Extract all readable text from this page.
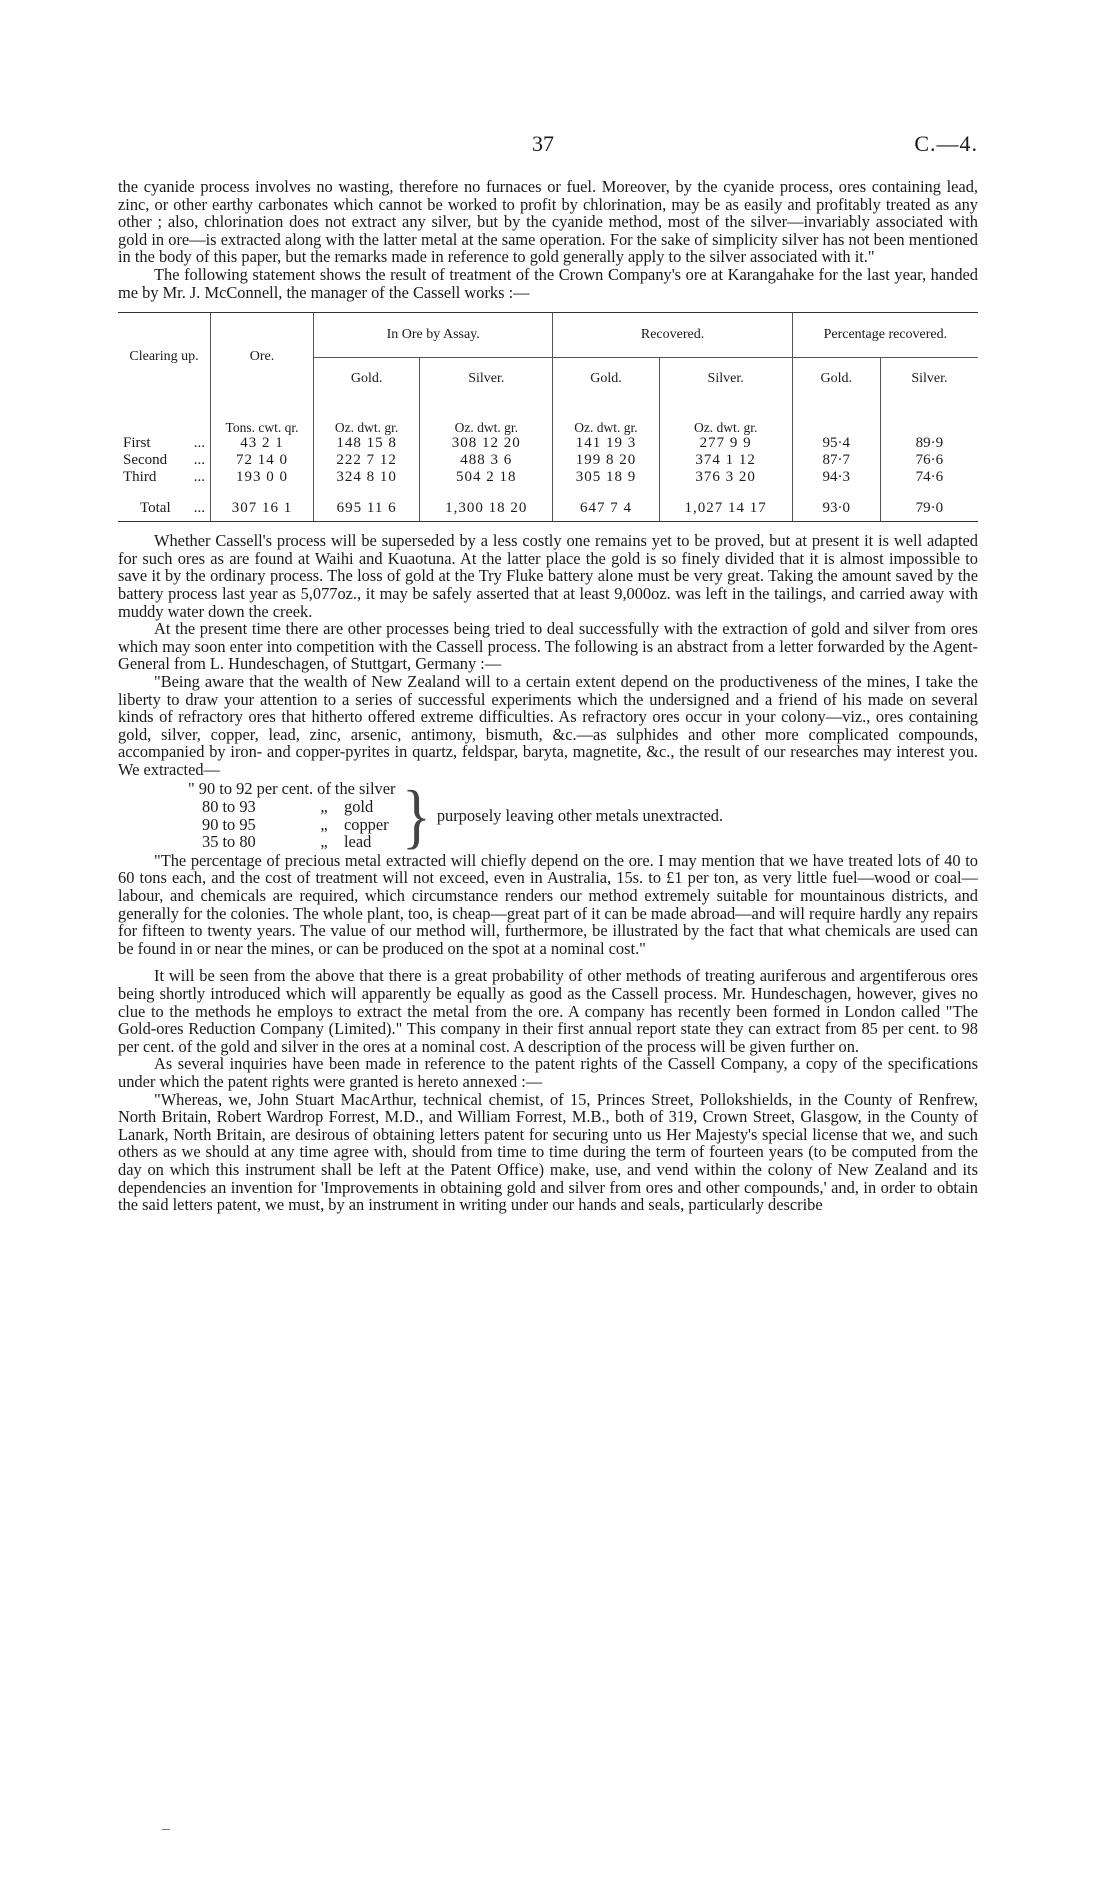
37	C.—4.

the cyanide process involves no wasting, therefore no furnaces or fuel. Moreover, by the cyanide process, ores containing lead, zinc, or other earthy carbonates which cannot be worked to profit by chlorination, may be as easily and profitably treated as any other ; also, chlorination does not extract any silver, but by the cyanide method, most of the silver—invariably associated with gold in ore—is extracted along with the latter metal at the same operation. For the sake of simplicity silver has not been mentioned in the body of this paper, but the remarks made in reference to gold generally apply to the silver associated with it."

The following statement shows the result of treatment of the Crown Company's ore at Karangahake for the last year, handed me by Mr. J. McConnell, the manager of the Cassell works :—

Clearing up.	Ore.	In Ore by Assay.		Recovered.		Percentage recovered.	
		Gold.	Silver.	Gold.	Silver.	Gold.	Silver.
	Tons. cwt. qr.	Oz. dwt. gr.	Oz. dwt. gr.	Oz. dwt. gr.	Oz. dwt. gr.		
First ...	43 2 1	148 15 8	308 12 20	141 19 3	277 9 9	95·4	89·9
Second ...	72 14 0	222 7 12	488 3 6	199 8 20	374 1 12	87·7	76·6
Third ...	193 0 0	324 8 10	504 2 18	305 18 9	376 3 20	94·3	74·6
Total ...	307 16 1	695 11 6	1,300 18 20	647 7 4	1,027 14 17	93·0	79·0

Whether Cassell's process will be superseded by a less costly one remains yet to be proved, but at present it is well adapted for such ores as are found at Waihi and Kuaotuna. At the latter place the gold is so finely divided that it is almost impossible to save it by the ordinary process. The loss of gold at the Try Fluke battery alone must be very great. Taking the amount saved by the battery process last year as 5,077oz., it may be safely asserted that at least 9,000oz. was left in the tailings, and carried away with muddy water down the creek.

At the present time there are other processes being tried to deal successfully with the extraction of gold and silver from ores which may soon enter into competition with the Cassell process. The following is an abstract from a letter forwarded by the Agent-General from L. Hundeschagen, of Stuttgart, Germany :—

"Being aware that the wealth of New Zealand will to a certain extent depend on the productiveness of the mines, I take the liberty to draw your attention to a series of successful experiments which the undersigned and a friend of his made on several kinds of refractory ores that hitherto offered extreme difficulties. As refractory ores occur in your colony—viz., ores containing gold, silver, copper, lead, zinc, arsenic, antimony, bismuth, &c.—as sulphides and other more complicated compounds, accompanied by iron- and copper-pyrites in quartz, feldspar, baryta, magnetite, &c., the result of our researches may interest you. We extracted—

" 90 to 92 per cent. of the silver		
80 to 93	„	gold
90 to 95	„	copper
35 to 80	„	lead } purposely leaving other metals unextracted.

"The percentage of precious metal extracted will chiefly depend on the ore. I may mention that we have treated lots of 40 to 60 tons each, and the cost of treatment will not exceed, even in Australia, 15s. to £1 per ton, as very little fuel—wood or coal—labour, and chemicals are required, which circumstance renders our method extremely suitable for mountainous districts, and generally for the colonies. The whole plant, too, is cheap—great part of it can be made abroad—and will require hardly any repairs for fifteen to twenty years. The value of our method will, furthermore, be illustrated by the fact that what chemicals are used can be found in or near the mines, or can be produced on the spot at a nominal cost."

It will be seen from the above that there is a great probability of other methods of treating auriferous and argentiferous ores being shortly introduced which will apparently be equally as good as the Cassell process. Mr. Hundeschagen, however, gives no clue to the methods he employs to extract the metal from the ore. A company has recently been formed in London called "The Gold-ores Reduction Company (Limited)." This company in their first annual report state they can extract from 85 per cent. to 98 per cent. of the gold and silver in the ores at a nominal cost. A description of the process will be given further on.

As several inquiries have been made in reference to the patent rights of the Cassell Company, a copy of the specifications under which the patent rights were granted is hereto annexed :—

"Whereas, we, John Stuart MacArthur, technical chemist, of 15, Princes Street, Pollokshields, in the County of Renfrew, North Britain, Robert Wardrop Forrest, M.D., and William Forrest, M.B., both of 319, Crown Street, Glasgow, in the County of Lanark, North Britain, are desirous of obtaining letters patent for securing unto us Her Majesty's special license that we, and such others as we should at any time agree with, should from time to time during the term of fourteen years (to be computed from the day on which this instrument shall be left at the Patent Office) make, use, and vend within the colony of New Zealand and its dependencies an invention for 'Improvements in obtaining gold and silver from ores and other compounds,' and, in order to obtain the said letters patent, we must, by an instrument in writing under our hands and seals, particularly describe
